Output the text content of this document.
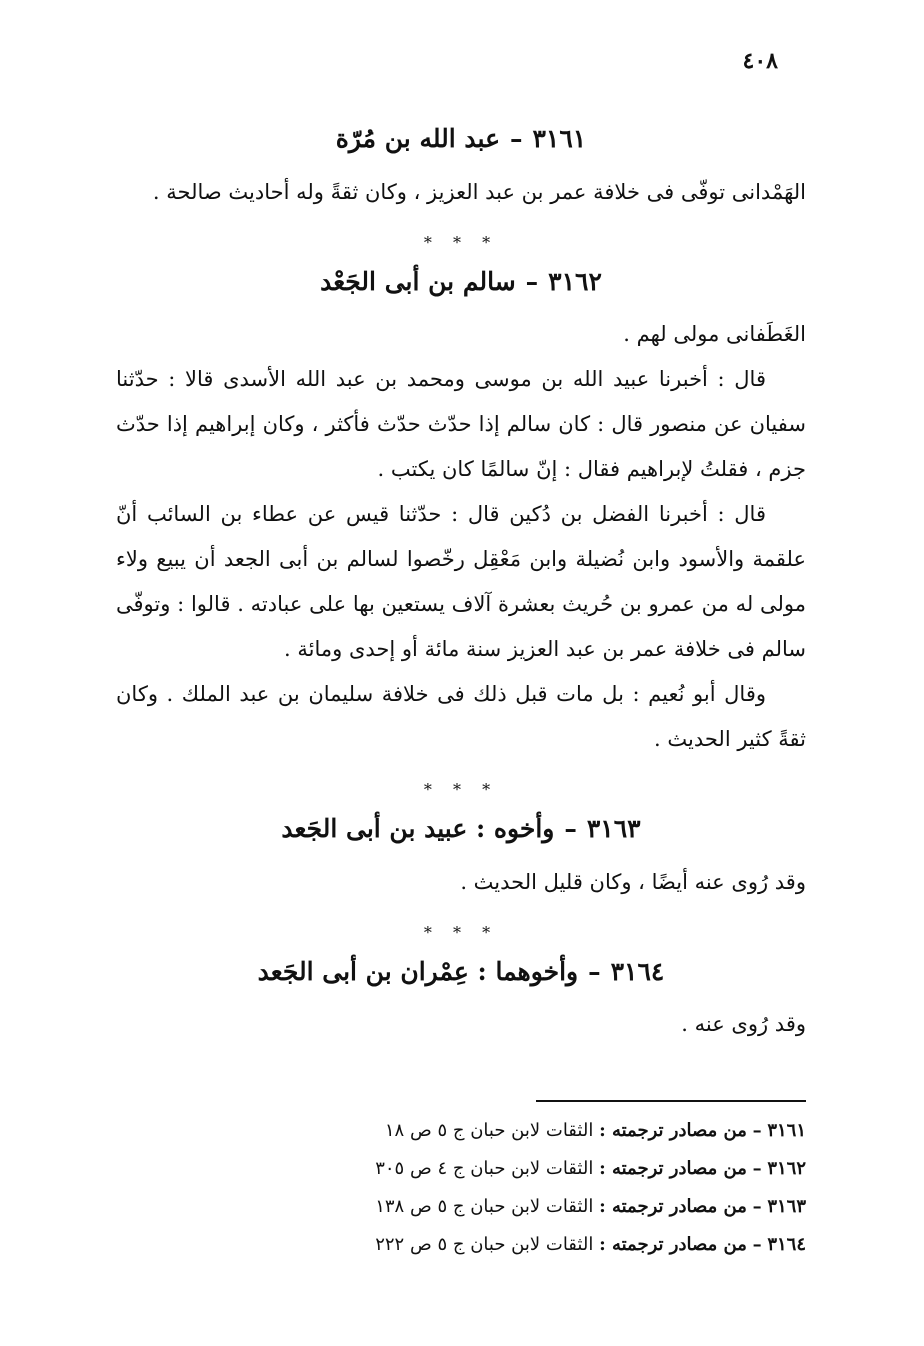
٤٠٨
٣١٦١–عبد الله بن مُرّة

الهَمْدانى توفّى فى خلافة عمر بن عبد العزيز ، وكان ثقةً وله أحاديث صالحة .

* * *
٣١٦٢–سالم بن أبى الجَعْد

الغَطَفانى مولى لهم .

قال : أخبرنا عبيد الله بن موسى ومحمد بن عبد الله الأسدى قالا : حدّثنا سفيان عن منصور قال : كان سالم إذا حدّث حدّث فأكثر ، وكان إبراهيم إذا حدّث جزم ، فقلتُ لإبراهيم فقال : إنّ سالمًا كان يكتب .

قال : أخبرنا الفضل بن دُكين قال : حدّثنا قيس عن عطاء بن السائب أنّ علقمة والأسود وابن نُضيلة وابن مَعْقِل رخّصوا لسالم بن أبى الجعد أن يبيع ولاء مولى له من عمرو بن حُريث بعشرة آلاف يستعين بها على عبادته . قالوا : وتوفّى سالم فى خلافة عمر بن عبد العزيز سنة مائة أو إحدى ومائة .

وقال أبو نُعيم : بل مات قبل ذلك فى خلافة سليمان بن عبد الملك . وكان ثقةً كثير الحديث .

* * *
٣١٦٣–وأخوه : عبيد بن أبى الجَعد

وقد رُوى عنه أيضًا ، وكان قليل الحديث .

* * *
٣١٦٤–وأخوهما : عِمْران بن أبى الجَعد

وقد رُوى عنه .

٣١٦١ – من مصادر ترجمته : الثقات لابن حبان ج ٥ ص ١٨
٣١٦٢ – من مصادر ترجمته : الثقات لابن حبان ج ٤ ص ٣٠٥
٣١٦٣ – من مصادر ترجمته : الثقات لابن حبان ج ٥ ص ١٣٨
٣١٦٤ – من مصادر ترجمته : الثقات لابن حبان ج ٥ ص ٢٢٢
